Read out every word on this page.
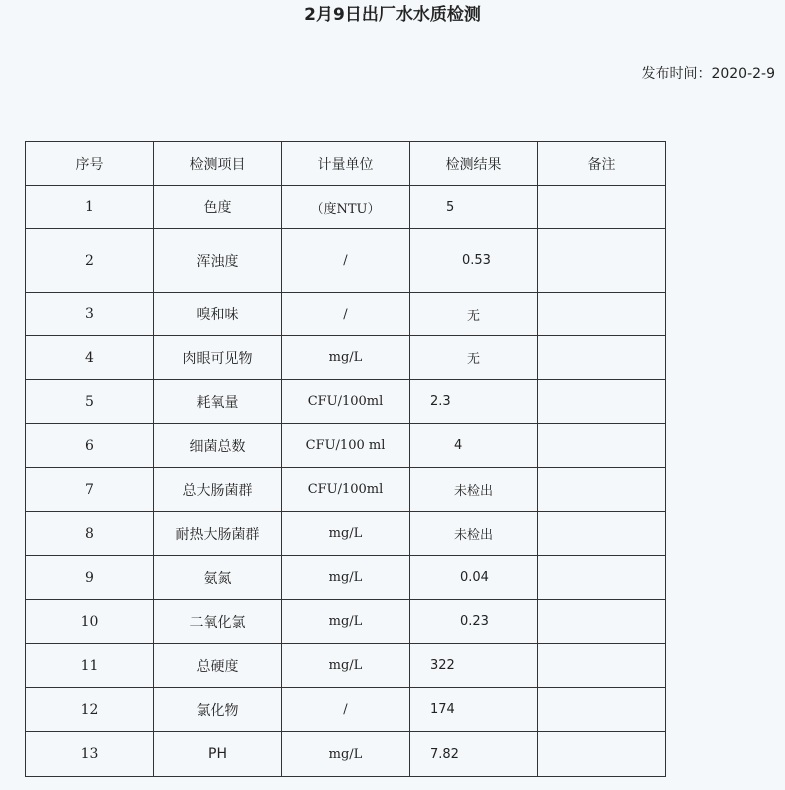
2月9日出厂水水质检测
发布时间：2020-2-9
序号	检测项目	计量单位	检测结果	备注
1	色度	（度NTU）	5	
2	浑浊度	/	0.53	
3	嗅和味	/	无	
4	肉眼可见物	mg/L	无	
5	耗氧量	CFU/100ml	2.3	
6	细菌总数	CFU/100 ml	4	
7	总大肠菌群	CFU/100ml	未检出	
8	耐热大肠菌群	mg/L	未检出	
9	氨氮	mg/L	0.04	
10	二氧化氯	mg/L	0.23	
11	总硬度	mg/L	322	
12	氯化物	/	174	
13	PH	mg/L	7.82	
